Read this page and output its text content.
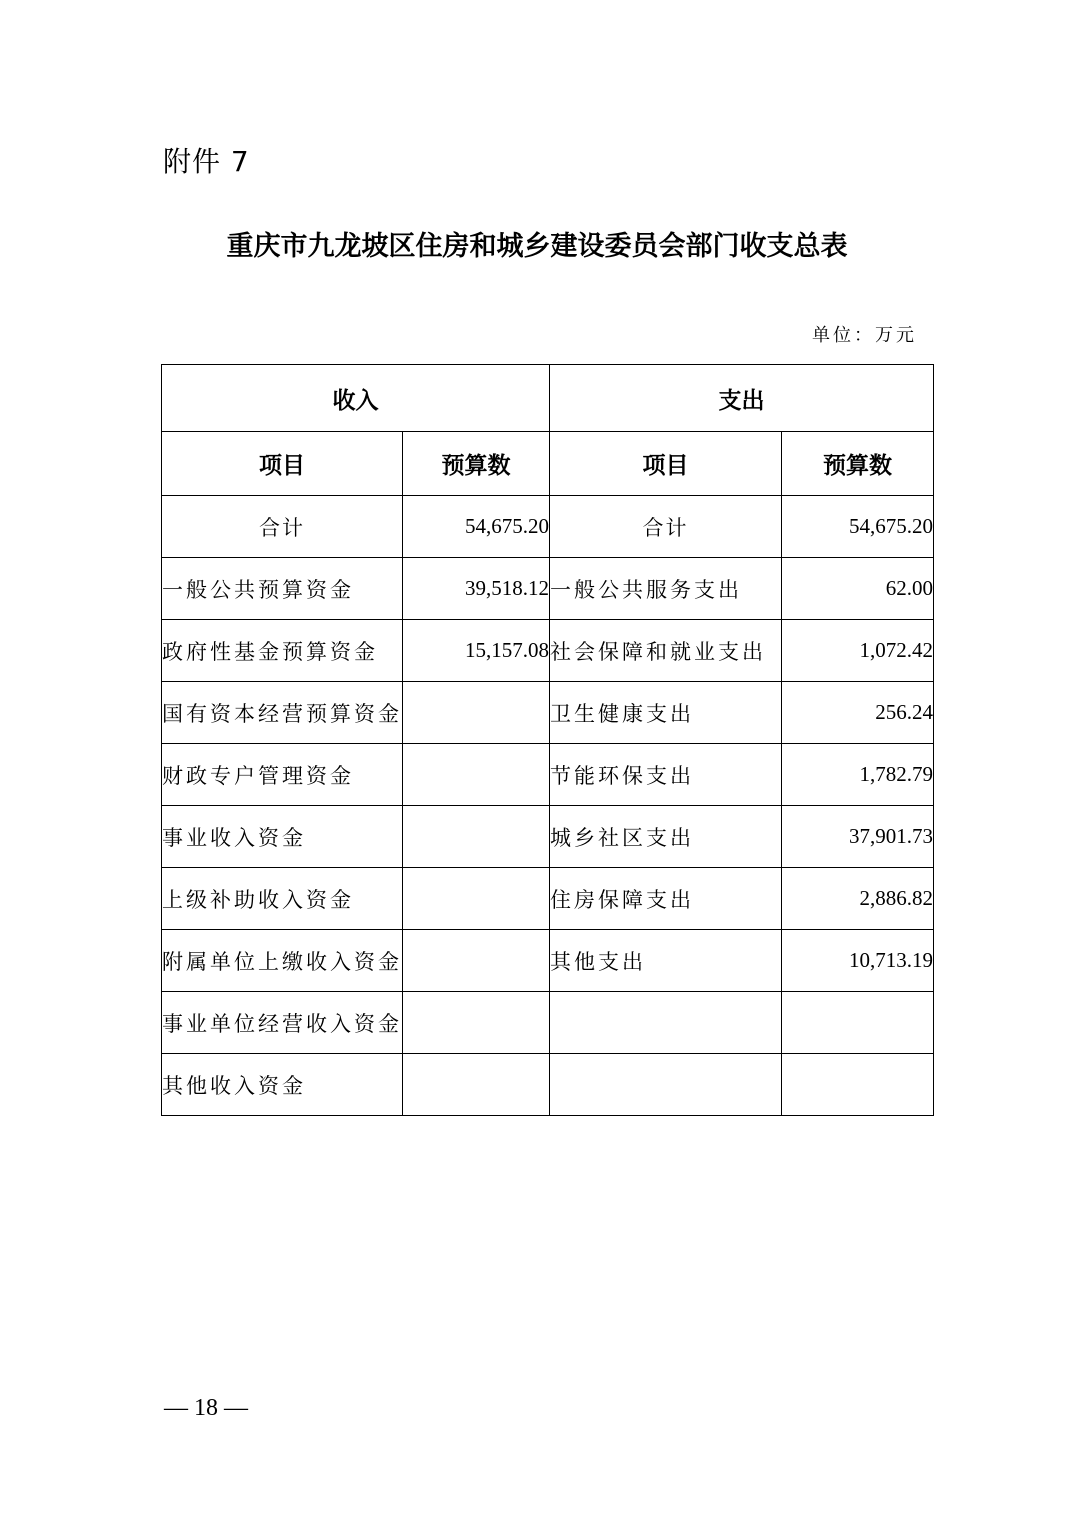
附件 7
重庆市九龙坡区住房和城乡建设委员会部门收支总表
单位：万元
收入		支出	
项目	预算数	项目	预算数
合计	54,675.20	合计	54,675.20
一般公共预算资金	39,518.12	一般公共服务支出	62.00
政府性基金预算资金	15,157.08	社会保障和就业支出	1,072.42
国有资本经营预算资金		卫生健康支出	256.24
财政专户管理资金		节能环保支出	1,782.79
事业收入资金		城乡社区支出	37,901.73
上级补助收入资金		住房保障支出	2,886.82
附属单位上缴收入资金		其他支出	10,713.19
事业单位经营收入资金			
其他收入资金			
— 18 —
